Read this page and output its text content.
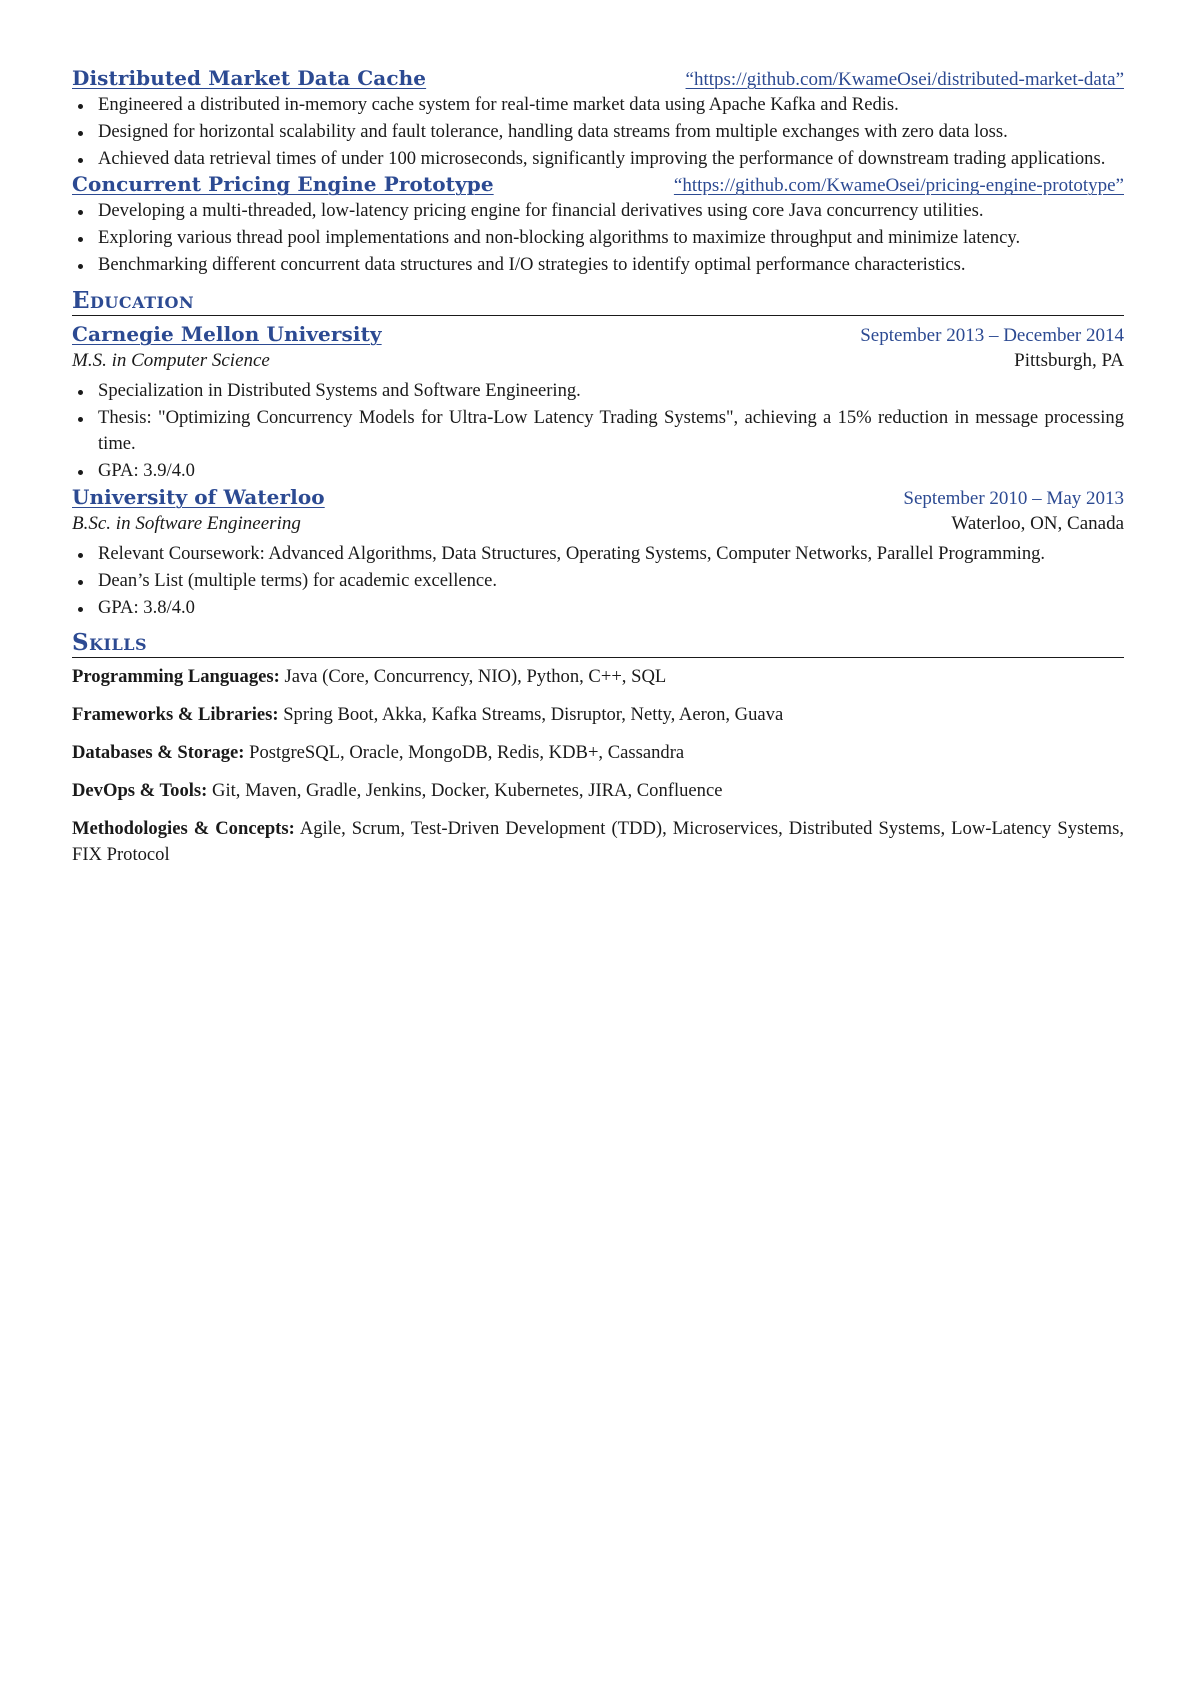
Distributed Market Data Cache	“https://github.com/KwameOsei/distributed-market-data”
Engineered a distributed in-memory cache system for real-time market data using Apache Kafka and Redis.
Designed for horizontal scalability and fault tolerance, handling data streams from multiple exchanges with zero data loss.
Achieved data retrieval times of under 100 microseconds, significantly improving the performance of downstream trading applications.
Concurrent Pricing Engine Prototype	“https://github.com/KwameOsei/pricing-engine-prototype”
Developing a multi-threaded, low-latency pricing engine for financial derivatives using core Java concurrency utilities.
Exploring various thread pool implementations and non-blocking algorithms to maximize throughput and minimize latency.
Benchmarking different concurrent data structures and I/O strategies to identify optimal performance characteristics.
Education
Carnegie Mellon University	September 2013 – December 2014
M.S. in Computer Science	Pittsburgh, PA
Specialization in Distributed Systems and Software Engineering.
Thesis: "Optimizing Concurrency Models for Ultra-Low Latency Trading Systems", achieving a 15% reduction in message processing time.
GPA: 3.9/4.0
University of Waterloo	September 2010 – May 2013
B.Sc. in Software Engineering	Waterloo, ON, Canada
Relevant Coursework: Advanced Algorithms, Data Structures, Operating Systems, Computer Networks, Parallel Programming.
Dean’s List (multiple terms) for academic excellence.
GPA: 3.8/4.0
Skills
Programming Languages: Java (Core, Concurrency, NIO), Python, C++, SQL
Frameworks & Libraries: Spring Boot, Akka, Kafka Streams, Disruptor, Netty, Aeron, Guava
Databases & Storage: PostgreSQL, Oracle, MongoDB, Redis, KDB+, Cassandra
DevOps & Tools: Git, Maven, Gradle, Jenkins, Docker, Kubernetes, JIRA, Confluence
Methodologies & Concepts: Agile, Scrum, Test-Driven Development (TDD), Microservices, Distributed Systems, Low-Latency Systems, FIX Protocol
